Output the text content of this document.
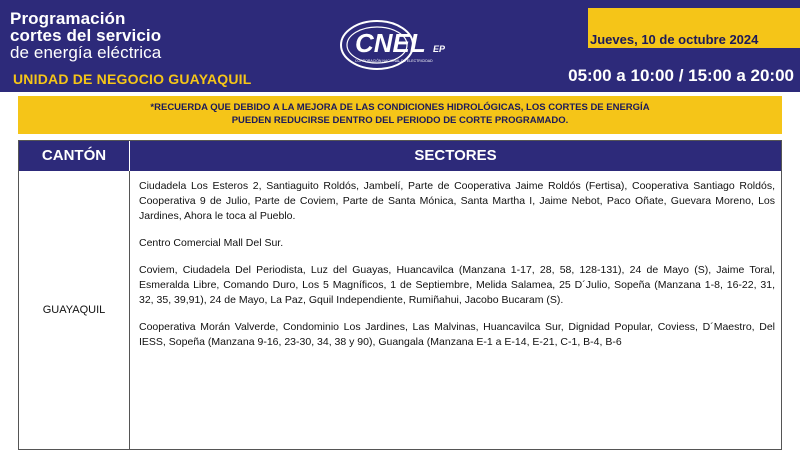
Programación
cortes del servicio
de energía eléctrica
UNIDAD DE NEGOCIO GUAYAQUIL
CNEL EP
CORPORACIÓN NACIONAL DE ELECTRICIDAD
05:00 a 10:00 / 15:00 a 20:00
Jueves, 10 de octubre 2024
*RECUERDA QUE DEBIDO A LA MEJORA DE LAS CONDICIONES HIDROLÓGICAS, LOS CORTES DE ENERGÍA
PUEDEN REDUCIRSE DENTRO DEL PERIODO DE CORTE PROGRAMADO.
CANTÓN	SECTORES
GUAYAQUIL

Ciudadela Los Esteros 2, Santiaguito Roldós, Jambelí, Parte de Cooperativa Jaime Roldós (Fertisa), Cooperativa Santiago Roldós, Cooperativa 9 de Julio, Parte de Coviem, Parte de Santa Mónica, Santa Martha I, Jaime Nebot, Paco Oñate, Guevara Moreno, Los Jardines, Ahora le toca al Pueblo.

Centro Comercial Mall Del Sur.

Coviem, Ciudadela Del Periodista, Luz del Guayas, Huancavilca (Manzana 1-17, 28, 58, 128-131), 24 de Mayo (S), Jaime Toral, Esmeralda Libre, Comando Duro, Los 5 Magníficos, 1 de Septiembre, Melida Salamea, 25 D´Julio, Sopeña (Manzana 1-8, 16-22, 31, 32, 35, 39,91), 24 de Mayo, La Paz, Gquil Independiente, Rumiñahui, Jacobo Bucaram (S).

Cooperativa Morán Valverde, Condominio Los Jardines, Las Malvinas, Huancavilca Sur, Dignidad Popular, Coviess, D´Maestro, Del IESS, Sopeña (Manzana 9-16, 23-30, 34, 38 y 90), Guangala (Manzana E-1 a E-14, E-21, C-1, B-4, B-6
